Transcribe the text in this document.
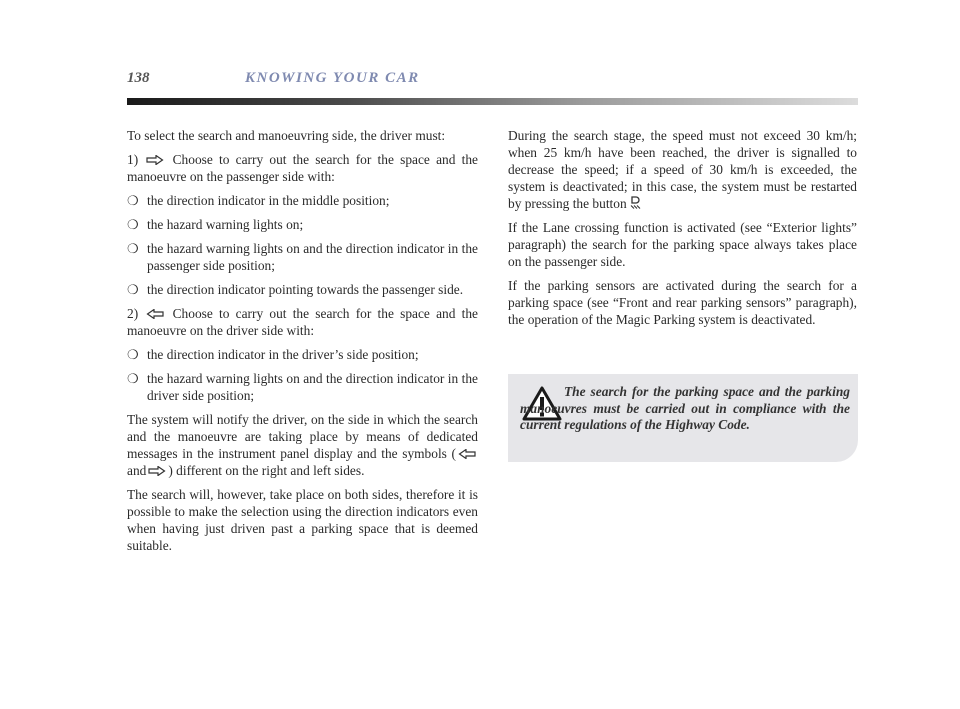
138	KNOWING YOUR CAR

To select the search and manoeuvring side, the driver must:

1)	Choose to carry out the search for the space and the manoeuvre on the passenger side with:
❍ the direction indicator in the middle position;
❍ the hazard warning lights on;
❍ the hazard warning lights on and the direction indicator in the passenger side position;
❍ the direction indicator pointing towards the passenger side.
2)	Choose to carry out the search for the space and the manoeuvre on the driver side with:
❍ the direction indicator in the driver’s side position;
❍ the hazard warning lights on and the direction indicator in the driver side position;

The system will notify the driver, on the side in which the search and the manoeuvre are taking place by means of dedicated messages in the instrument panel display and the symbols (and ) different on the right and left sides.

The search will, however, take place on both sides, therefore it is possible to make the selection using the direction indicators even when having just driven past a parking space that is deemed suitable.

During the search stage, the speed must not exceed 30 km/h; when 25 km/h have been reached, the driver is signalled to decrease the speed; if a speed of 30 km/h is exceeded, the system is deactivated; in this case, the system must be restarted by pressing the button

If the Lane crossing function is activated (see “Exterior lights” paragraph) the search for the parking space always takes place on the passenger side.

If the parking sensors are activated during the search for a parking space (see “Front and rear parking sensors” paragraph), the operation of the Magic Parking system is deactivated.

The search for the parking space and the parking manoeuvres must be carried out in compliance with the current regulations of the Highway Code.
